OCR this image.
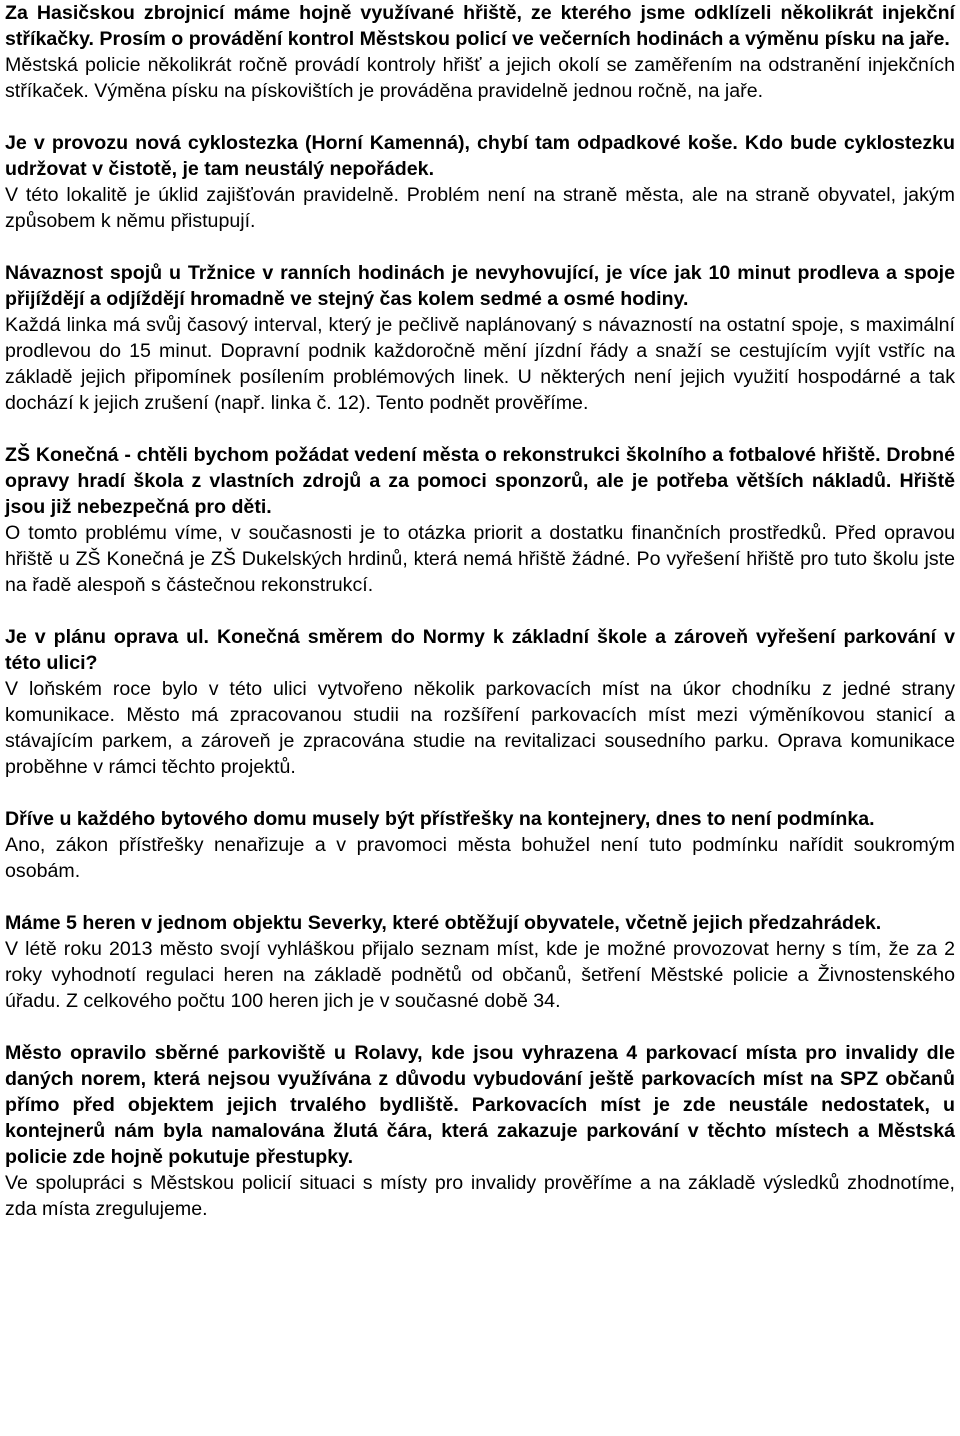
Za Hasičskou zbrojnicí máme hojně využívané hřiště, ze kterého jsme odklízeli několikrát injekční stříkačky. Prosím o provádění kontrol Městskou policí ve večerních hodinách a výměnu písku na jaře.

Městská policie několikrát ročně provádí kontroly hřišť a jejich okolí se zaměřením na odstranění injekčních stříkaček. Výměna písku na pískovištích je prováděna pravidelně jednou ročně, na jaře.

Je v provozu nová cyklostezka (Horní Kamenná), chybí tam odpadkové koše. Kdo bude cyklostezku udržovat v čistotě, je tam neustálý nepořádek.

V této lokalitě je úklid zajišťován pravidelně. Problém není na straně města, ale na straně obyvatel, jakým způsobem k němu přistupují.

Návaznost spojů u Tržnice v ranních hodinách je nevyhovující, je více jak 10 minut prodleva a spoje přijíždějí a odjíždějí hromadně ve stejný čas kolem sedmé a osmé hodiny.

Každá linka má svůj časový interval, který je pečlivě naplánovaný s návazností na ostatní spoje, s maximální prodlevou do 15 minut. Dopravní podnik každoročně mění jízdní řády a snaží se cestujícím vyjít vstříc na základě jejich připomínek posílením problémových linek. U některých není jejich využití hospodárné a tak dochází k jejich zrušení (např. linka č. 12). Tento podnět prověříme.

ZŠ Konečná - chtěli bychom požádat vedení města o rekonstrukci školního a fotbalové hřiště. Drobné opravy hradí škola z vlastních zdrojů a za pomoci sponzorů, ale je potřeba větších nákladů. Hřiště jsou již nebezpečná pro děti.

O tomto problému víme, v současnosti je to otázka priorit a dostatku finančních prostředků. Před opravou hřiště u ZŠ Konečná je ZŠ Dukelských hrdinů, která nemá hřiště žádné. Po vyřešení hřiště pro tuto školu jste na řadě alespoň s částečnou rekonstrukcí.

Je v plánu oprava ul. Konečná směrem do Normy k základní škole a zároveň vyřešení parkování v této ulici?

V loňském roce bylo v této ulici vytvořeno několik parkovacích míst na úkor chodníku z jedné strany komunikace. Město má zpracovanou studii na rozšíření parkovacích míst mezi výměníkovou stanicí a stávajícím parkem, a zároveň je zpracována studie na revitalizaci sousedního parku. Oprava komunikace proběhne v rámci těchto projektů.

Dříve u každého bytového domu musely být přístřešky na kontejnery, dnes to není podmínka.

Ano, zákon přístřešky nenařizuje a v pravomoci města bohužel není tuto podmínku nařídit soukromým osobám.

Máme 5 heren v jednom objektu Severky, které obtěžují obyvatele, včetně jejich předzahrádek.

V létě roku 2013 město svojí vyhláškou přijalo seznam míst, kde je možné provozovat herny s tím, že za 2 roky vyhodnotí regulaci heren na základě podnětů od občanů, šetření Městské policie a Živnostenského úřadu. Z celkového počtu 100 heren jich je v současné době 34.

Město opravilo sběrné parkoviště u Rolavy, kde jsou vyhrazena 4 parkovací místa pro invalidy dle daných norem, která nejsou využívána z důvodu vybudování ještě parkovacích míst na SPZ občanů přímo před objektem jejich trvalého bydliště. Parkovacích míst je zde neustále nedostatek, u kontejnerů nám byla namalována žlutá čára, která zakazuje parkování v těchto místech a Městská policie zde hojně pokutuje přestupky.

Ve spolupráci s Městskou policií situaci s místy pro invalidy prověříme a na základě výsledků zhodnotíme, zda místa zregulujeme.
